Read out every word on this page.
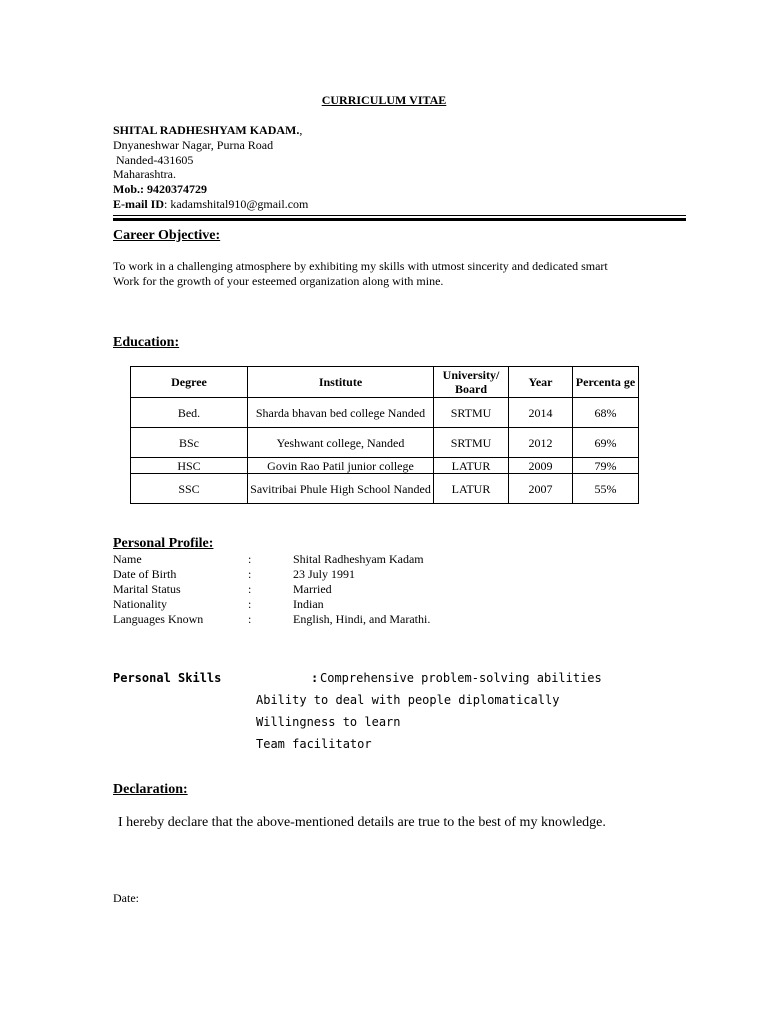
CURRICULUM VITAE
SHITAL RADHESHYAM KADAM.,
Dnyaneshwar Nagar, Purna Road
Nanded-431605
Maharashtra.
Mob.: 9420374729
E-mail ID: kadamshital910@gmail.com
Career Objective:
To work in a challenging atmosphere by exhibiting my skills with utmost sincerity and dedicated smart
Work for the growth of your esteemed organization along with mine.
Education:
Degree	Institute	University/ Board	Year	Percenta ge
Bed.	Sharda bhavan bed college Nanded	SRTMU	2014	68%
BSc	Yeshwant college, Nanded	SRTMU	2012	69%
HSC	Govin Rao Patil junior college	LATUR	2009	79%
SSC	Savitribai Phule High School Nanded	LATUR	2007	55%
Personal Profile:
Name	:	Shital Radheshyam Kadam
Date of Birth	:	23 July 1991
Marital Status	:	Married
Nationality	:	Indian
Languages Known	:	English, Hindi, and Marathi.
Personal Skills	: Comprehensive problem-solving abilities
Ability to deal with people diplomatically
Willingness to learn
Team facilitator
Declaration:
I hereby declare that the above-mentioned details are true to the best of my knowledge.
Date:
